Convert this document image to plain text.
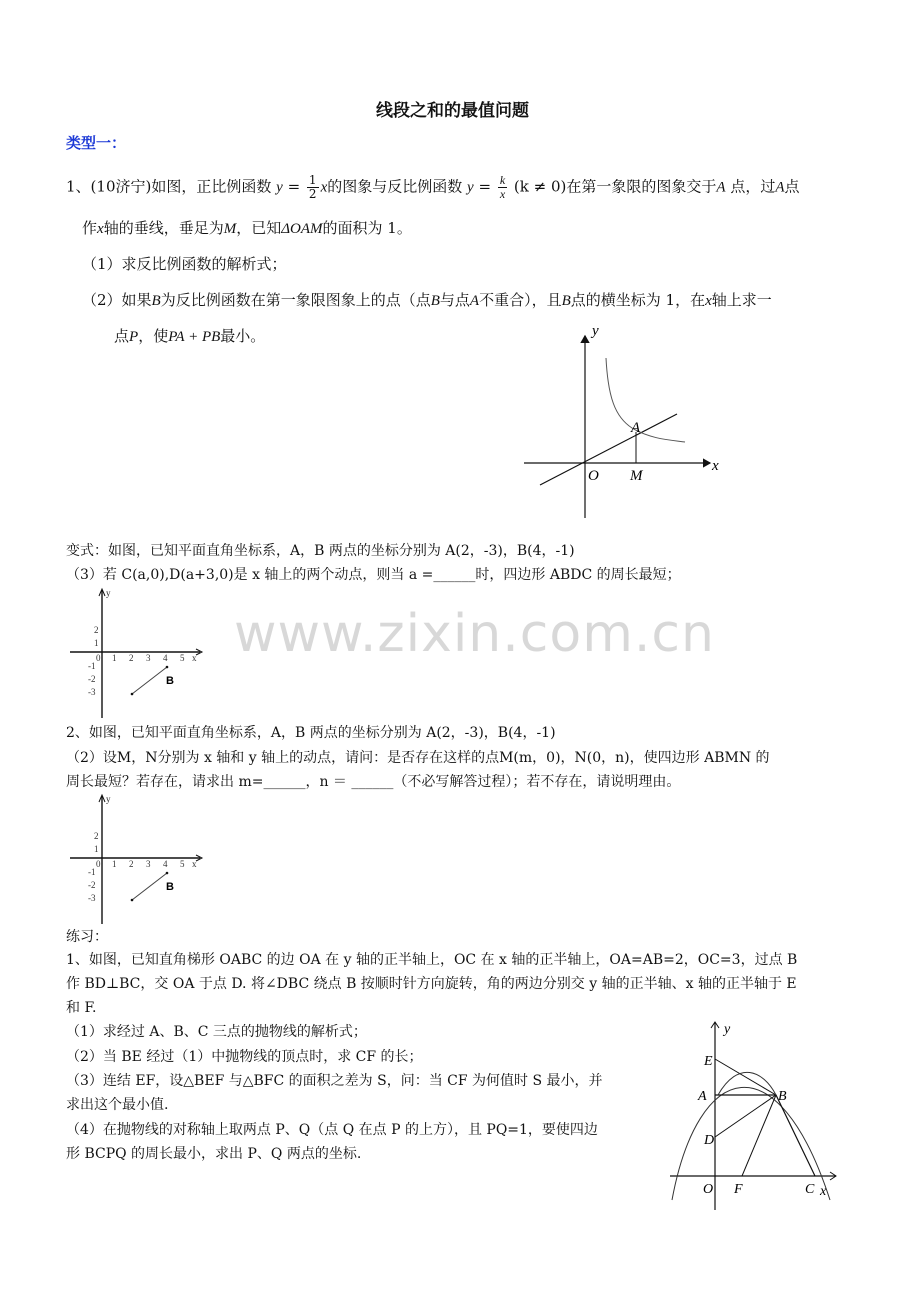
线段之和的最值问题
类型一：
1、(10济宁)如图，正比例函数 $y = \frac{1}{2}$ x的图象与反比例函数 $y = \frac{k}{x} (k \ne 0)$在第一象限的图象交于A 点，过A点
作x轴的垂线，垂足为M，已知ΔOAM的面积为 1。
（1）求反比例函数的解析式；
（2）如果B为反比例函数在第一象限图象上的点（点B与点A不重合），且B点的横坐标为 1，在x轴上求一
点P，使PA + PB最小。	y
x
O
A
M
变式：如图，已知平面直角坐标系，A，B 两点的坐标分别为 A(2，-3)，B(4，-1)
（3）若 C(a,0),D(a+3,0)是 x 轴上的两个动点，则当 a =______时，四边形 ABDC 的周长最短；
www.zixin.com.cn
y
2
1
0 1 2 3 4 5 x
-1
-2
-3
B
2、如图，已知平面直角坐标系，A，B 两点的坐标分别为 A(2，-3)，B(4，-1)
（2）设M，N分别为 x 轴和 y 轴上的动点，请问：是否存在这样的点M(m，0)，N(0，n)，使四边形 ABMN 的
周长最短？若存在，请求出 m=______，n ＝ ______（不必写解答过程）；若不存在，请说明理由。
y
2
1
0 1 2 3 4 5 x
-1
-2
-3
B
练习：
1、如图，已知直角梯形 OABC 的边 OA 在 y 轴的正半轴上，OC 在 x 轴的正半轴上，OA=AB=2，OC=3，过点 B
作 BD⊥BC，交 OA 于点 D. 将∠DBC 绕点 B 按顺时针方向旋转，角的两边分别交 y 轴的正半轴、x 轴的正半轴于 E
和 F.
（1）求经过 A、B、C 三点的抛物线的解析式；
（2）当 BE 经过（1）中抛物线的顶点时，求 CF 的长；
（3）连结 EF，设△BEF 与△BFC 的面积之差为 S，问：当 CF 为何值时 S 最小，并
求出这个最小值.
（4）在抛物线的对称轴上取两点 P、Q（点 Q 在点 P 的上方），且 PQ=1，要使四边
形 BCPQ 的周长最小，求出 P、Q 两点的坐标.
y
x
E
A	B
D
O F	C
